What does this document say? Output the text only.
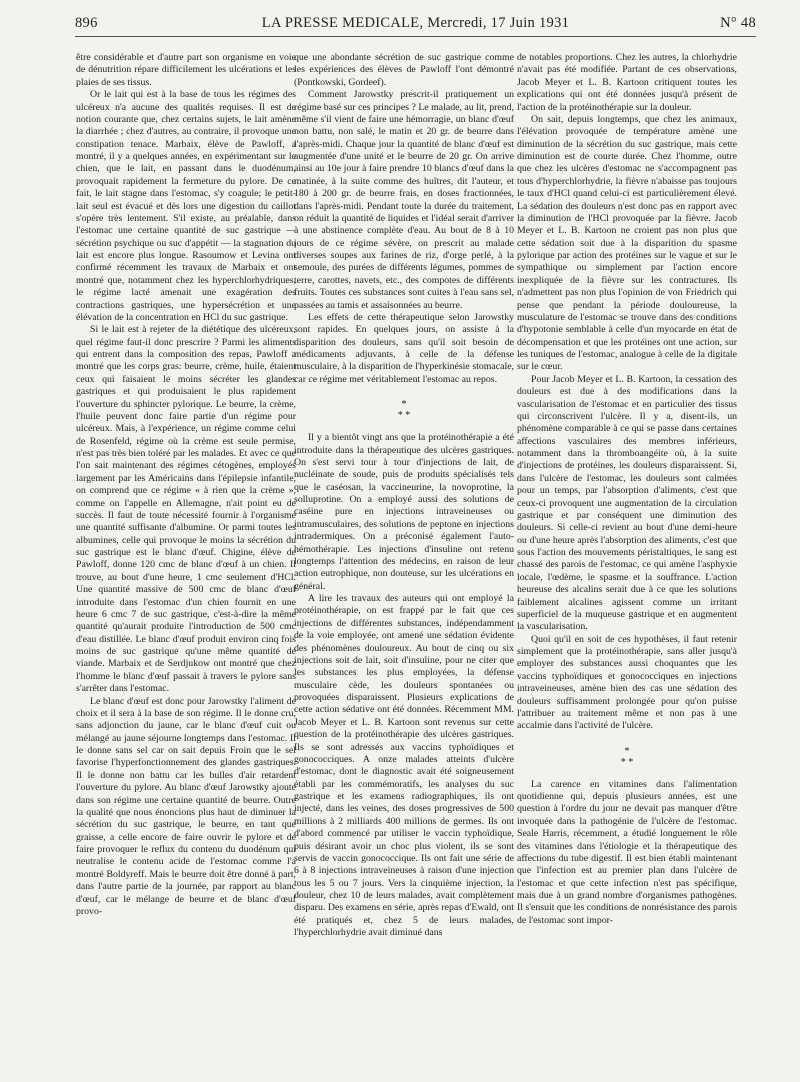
896	LA PRESSE MEDICALE, Mercredi, 17 Juin 1931	N° 48

être considérable et d'autre part son organisme en voie de dénutrition répare difficilement les ulcérations et les plaies de ses tissus.

Or le lait qui est à la base de tous les régimes des ulcéreux n'a aucune des qualités requises. Il est de notion courante que, chez certains sujets, le lait amène la diarrhée ; chez d'autres, au contraire, il provoque une constipation tenace. Marbaix, élève de Pawloff, a montré, il y a quelques années, en expérimentant sur le chien, que le lait, en passant dans le duodénum, provoquait rapidement la fermeture du pylore. De ce fait, le lait stagne dans l'estomac, s'y coagule; le petit-lait seul est évacué et dès lors une digestion du caillot s'opère très lentement. S'il existe, au préalable, dans l'estomac une certaine quantité de suc gastrique — sécrétion psychique ou suc d'appétit — la stagnation du lait est encore plus longue. Rasoumow et Levina ont confirmé récemment les travaux de Marbaix et ont montré que, notamment chez les hyperchlorhydriques, le régime lacté amenait une exagération des contractions gastriques, une hypersécrétion et une élévation de la concentration en HCl du suc gastrique.

Si le lait est à rejeter de la diététique des ulcéreux, quel régime faut-il donc prescrire ? Parmi les aliments qui entrent dans la composition des repas, Pawloff a montré que les corps gras: beurre, crème, huile, étaient ceux qui faisaient le moins sécréter les glandes gastriques et qui produisaient le plus rapidement l'ouverture du sphincter pylorique. Le beurre, la crème, l'huile peuvent donc faire partie d'un régime pour ulcéreux. Mais, à l'expérience, un régime comme celui de Rosenfeld, régime où la crème est seule permise, n'est pas très bien toléré par les malades. Et avec ce que l'on sait maintenant des régimes cétogènes, employés largement par les Américains dans l'épilepsie infantile, on comprend que ce régime « à rien que la crème », comme on l'appelle en Allemagne, n'ait point eu de succès. Il faut de toute nécessité fournir à l'organisme une quantité suffisante d'albumine. Or parmi toutes les albumines, celle qui provoque le moins la sécrétion du suc gastrique est le blanc d'œuf. Chigine, élève de Pawloff, donne 120 cmc de blanc d'œuf à un chien. Il trouve, au bout d'une heure, 1 cmc seulement d'HCl. Une quantité massive de 500 cmc de blanc d'œuf introduite dans l'estomac d'un chien fournit en une heure 6 cmc 7 de suc gastrique, c'est-à-dire la même quantité qu'aurait produite l'introduction de 500 cmc d'eau distillée. Le blanc d'œuf produit environ cinq fois moins de suc gastrique qu'une même quantité de viande. Marbaix et de Serdjukow ont montré que chez l'homme le blanc d'œuf passait à travers le pylore sans s'arrêter dans l'estomac.

Le blanc d'œuf est donc pour Jarowstky l'aliment de choix et il sera à la base de son régime. Il le donne cru, sans adjonction du jaune, car le blanc d'œuf cuit ou mélangé au jaune séjourne longtemps dans l'estomac. Il le donne sans sel car on sait depuis Froin que le sel favorise l'hyperfonctionnement des glandes gastriques. Il le donne non battu car les bulles d'air retardent l'ouverture du pylore. Au blanc d'œuf Jarowstky ajoute dans son régime une certaine quantité de beurre. Outre la qualité que nous énoncions plus haut de diminuer la sécrétion du suc gastrique, le beurre, en tant que graisse, a celle encore de faire ouvrir le pylore et de faire provoquer le reflux du contenu du duodénum qui neutralise le contenu acide de l'estomac comme l'a montré Boldyreff. Mais le beurre doit être donné à part, dans l'autre partie de la journée, par rapport au blanc d'œuf, car le mélange de beurre et de blanc d'œuf provo-

que une abondante sécrétion de suc gastrique comme les expériences des élèves de Pawloff l'ont démontré (Pontkowski, Gordeef).

Comment Jarowstky prescrit-il pratiquement un régime basé sur ces principes ? Le malade, au lit, prend, même s'il vient de faire une hémorragie, un blanc d'œuf non battu, non salé, le matin et 20 gr. de beurre dans l'après-midi. Chaque jour la quantité de blanc d'œuf est augmentée d'une unité et le beurre de 20 gr. On arrive ainsi au 10e jour à faire prendre 10 blancs d'œuf dans la matinée, à la suite comme des huîtres, dit l'auteur, et 180 à 200 gr. de beurre frais, en doses fractionnées, dans l'après-midi. Pendant toute la durée du traitement, on réduit la quantité de liquides et l'idéal serait d'arriver à une abstinence complète d'eau. Au bout de 8 à 10 jours de ce régime sévère, on prescrit au malade diverses soupes aux farines de riz, d'orge perlé, à la semoule, des purées de différents légumes, pommes de terre, carottes, navets, etc., des compotes de différents fruits. Toutes ces substances sont cuites à l'eau sans sel, passées au tamis et assaisonnées au beurre.

Les effets de cette thérapeutique selon Jarowstky sont rapides. En quelques jours, on assiste à la disparition des douleurs, sans qu'il soit besoin de médicaments adjuvants, à celle de la défense musculaire, à la disparition de l'hyperkinésie stomacale, car ce régime met véritablement l'estomac au repos.

*
* *

Il y a bientôt vingt ans que la protéinothérapie a été introduite dans la thérapeutique des ulcères gastriques. On s'est servi tour à tour d'injections de lait, de nucléinate de soude, puis de produits spécialisés tels que le caséosan, la vaccineurine, la novoprotine, la solluprotine. On a employé aussi des solutions de caséine pure en injections intraveineuses ou intramusculaires, des solutions de peptone en injections intradermiques. On a préconisé également l'auto-hémothérapie. Les injections d'insuline ont retenu longtemps l'attention des médecins, en raison de leur action eutrophique, non douteuse, sur les ulcérations en général.

A lire les travaux des auteurs qui ont employé la protéinothérapie, on est frappé par le fait que ces injections de différentes substances, indépendamment de la voie employée, ont amené une sédation évidente des phénomènes douloureux. Au bout de cinq ou six injections soit de lait, soit d'insuline, pour ne citer que les substances les plus employées, la défense musculaire cède, les douleurs spontanées ou provoquées disparaissent. Plusieurs explications de cette action sédative ont été données. Récemment MM. Jacob Meyer et L. B. Kartoon sont revenus sur cette question de la protéinothérapie des ulcères gastriques. Ils se sont adressés aux vaccins typhoïdiques et gonococciques. A onze malades atteints d'ulcère d'estomac, dont le diagnostic avait été soigneusement établi par les commémoratifs, les analyses du suc gastrique et les examens radiographiques, ils ont injecté, dans les veines, des doses progressives de 500 millions à 2 milliards 400 millions de germes. Ils ont d'abord commencé par utiliser le vaccin typhoïdique, puis désirant avoir un choc plus violent, ils se sont servis de vaccin gonococcique. Ils ont fait une série de 6 à 8 injections intraveineuses à raison d'une injection tous les 5 ou 7 jours. Vers la cinquième injection, la douleur, chez 10 de leurs malades, avait complètement disparu. Des examens en série, après repas d'Ewald, ont été pratiqués et, chez 5 de leurs malades, l'hyperchlorhydrie avait diminué dans

de notables proportions. Chez les autres, la chlorhydrie n'avait pas été modifiée. Partant de ces observations, Jacob Meyer et L. B. Kartoon critiquent toutes les explications qui ont été données jusqu'à présent de l'action de la protéinothérapie sur la douleur.

On sait, depuis longtemps, que chez les animaux, l'élévation provoquée de température amène une diminution de la sécrétion du suc gastrique, mais cette diminution est de courte durée. Chez l'homme, outre que chez les ulcères d'estomac ne s'accompagnent pas tous d'hyperchlorhydrie, la fièvre n'abaisse pas toujours le taux d'HCl quand celui-ci est particulièrement élevé. La sédation des douleurs n'est donc pas en rapport avec la diminution de l'HCl provoquée par la fièvre. Jacob Meyer et L. B. Kartoon ne croient pas non plus que cette sédation soit due à la disparition du spasme pylorique par action des protéines sur le vague et sur le sympathique ou simplement par l'action encore inexpliquée de la fièvre sur les contractures. Ils n'admettent pas non plus l'opinion de von Friedrich qui pense que pendant la période douloureuse, la musculature de l'estomac se trouve dans des conditions d'hypotonie semblable à celle d'un myocarde en état de décompensation et que les protéines ont une action, sur les tuniques de l'estomac, analogue à celle de la digitale sur le cœur.

Pour Jacob Meyer et L. B. Kartoon, la cessation des douleurs est due à des modifications dans la vascularisation de l'estomac et en particulier des tissus qui circonscrivent l'ulcère. Il y a, disent-ils, un phénomène comparable à ce qui se passe dans certaines affections vasculaires des membres inférieurs, notamment dans la thromboangéite où, à la suite d'injections de protéines, les douleurs disparaissent. Si, dans l'ulcère de l'estomac, les douleurs sont calmées pour un temps, par l'absorption d'aliments, c'est que ceux-ci provoquent une augmentation de la circulation gastrique et par conséquent une diminution des douleurs. Si celle-ci revient au bout d'une demi-heure ou d'une heure après l'absorption des aliments, c'est que sous l'action des mouvements péristaltiques, le sang est chassé des parois de l'estomac, ce qui amène l'asphyxie locale, l'œdème, le spasme et la souffrance. L'action heureuse des alcalins serait due à ce que les solutions faiblement alcalines agissent comme un irritant superficiel de la muqueuse gastrique et en augmentent la vascularisation.

Quoi qu'il en soit de ces hypothèses, il faut retenir simplement que la protéinothérapie, sans aller jusqu'à employer des substances aussi choquantes que les vaccins typhoïdiques et gonococciques en injections intraveineuses, amène bien des cas une sédation des douleurs suffisamment prolongée pour qu'on puisse l'attribuer au traitement même et non pas à une accalmie dans l'activité de l'ulcère.

*
* *

La carence en vitamines dans l'alimentation quotidienne qui, depuis plusieurs années, est une question à l'ordre du jour ne devait pas manquer d'être invoquée dans la pathogénie de l'ulcère de l'estomac. Seale Harris, récemment, a étudié longuement le rôle des vitamines dans l'étiologie et la thérapeutique des affections du tube digestif. Il est bien établi maintenant que l'infection est au premier plan dans l'ulcère de l'estomac et que cette infection n'est pas spécifique, mais due à un grand nombre d'organismes pathogènes. Il s'ensuit que les conditions de nonrésistance des parois de l'estomac sont impor-
